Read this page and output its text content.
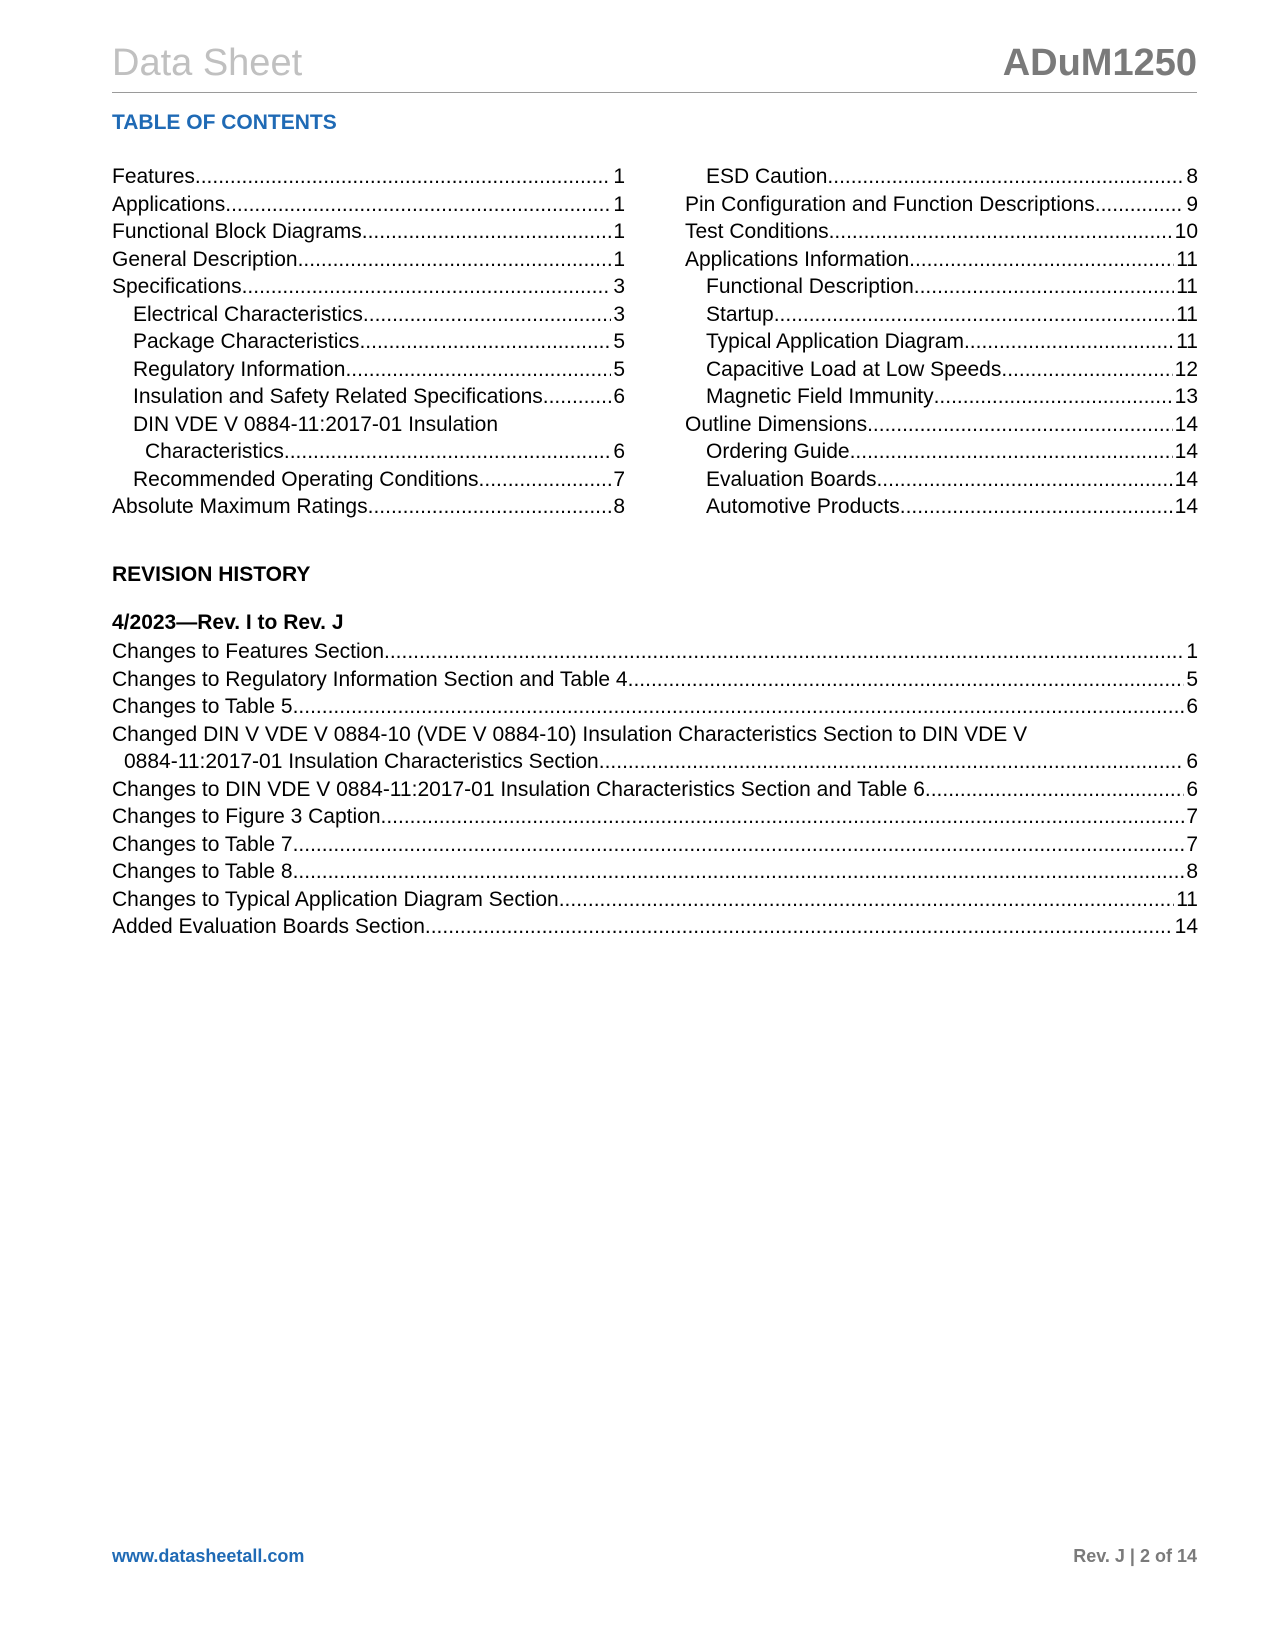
Data Sheet	ADuM1250
TABLE OF CONTENTS
Features .....	1
Applications .....	1
Functional Block Diagrams .....	1
General Description .....	1
Specifications .....	3
Electrical Characteristics .....	3
Package Characteristics .....	5
Regulatory Information .....	5
Insulation and Safety Related Specifications .....	6
DIN VDE V 0884-11:2017-01 Insulation
Characteristics .....	6
Recommended Operating Conditions .....	7
Absolute Maximum Ratings .....	8
ESD Caution .....	8
Pin Configuration and Function Descriptions .....	9
Test Conditions .....	10
Applications Information .....	11
Functional Description .....	11
Startup .....	11
Typical Application Diagram .....	11
Capacitive Load at Low Speeds .....	12
Magnetic Field Immunity .....	13
Outline Dimensions .....	14
Ordering Guide .....	14
Evaluation Boards .....	14
Automotive Products .....	14
REVISION HISTORY
4/2023—Rev. I to Rev. J
Changes to Features Section .....	1
Changes to Regulatory Information Section and Table 4 .....	5
Changes to Table 5 .....	6
Changed DIN V VDE V 0884-10 (VDE V 0884-10) Insulation Characteristics Section to DIN VDE V
0884-11:2017-01 Insulation Characteristics Section .....	6
Changes to DIN VDE V 0884-11:2017-01 Insulation Characteristics Section and Table 6 .....	6
Changes to Figure 3 Caption .....	7
Changes to Table 7 .....	7
Changes to Table 8 .....	8
Changes to Typical Application Diagram Section .....	11
Added Evaluation Boards Section .....	14
www.datasheetall.com	Rev. J | 2 of 14
